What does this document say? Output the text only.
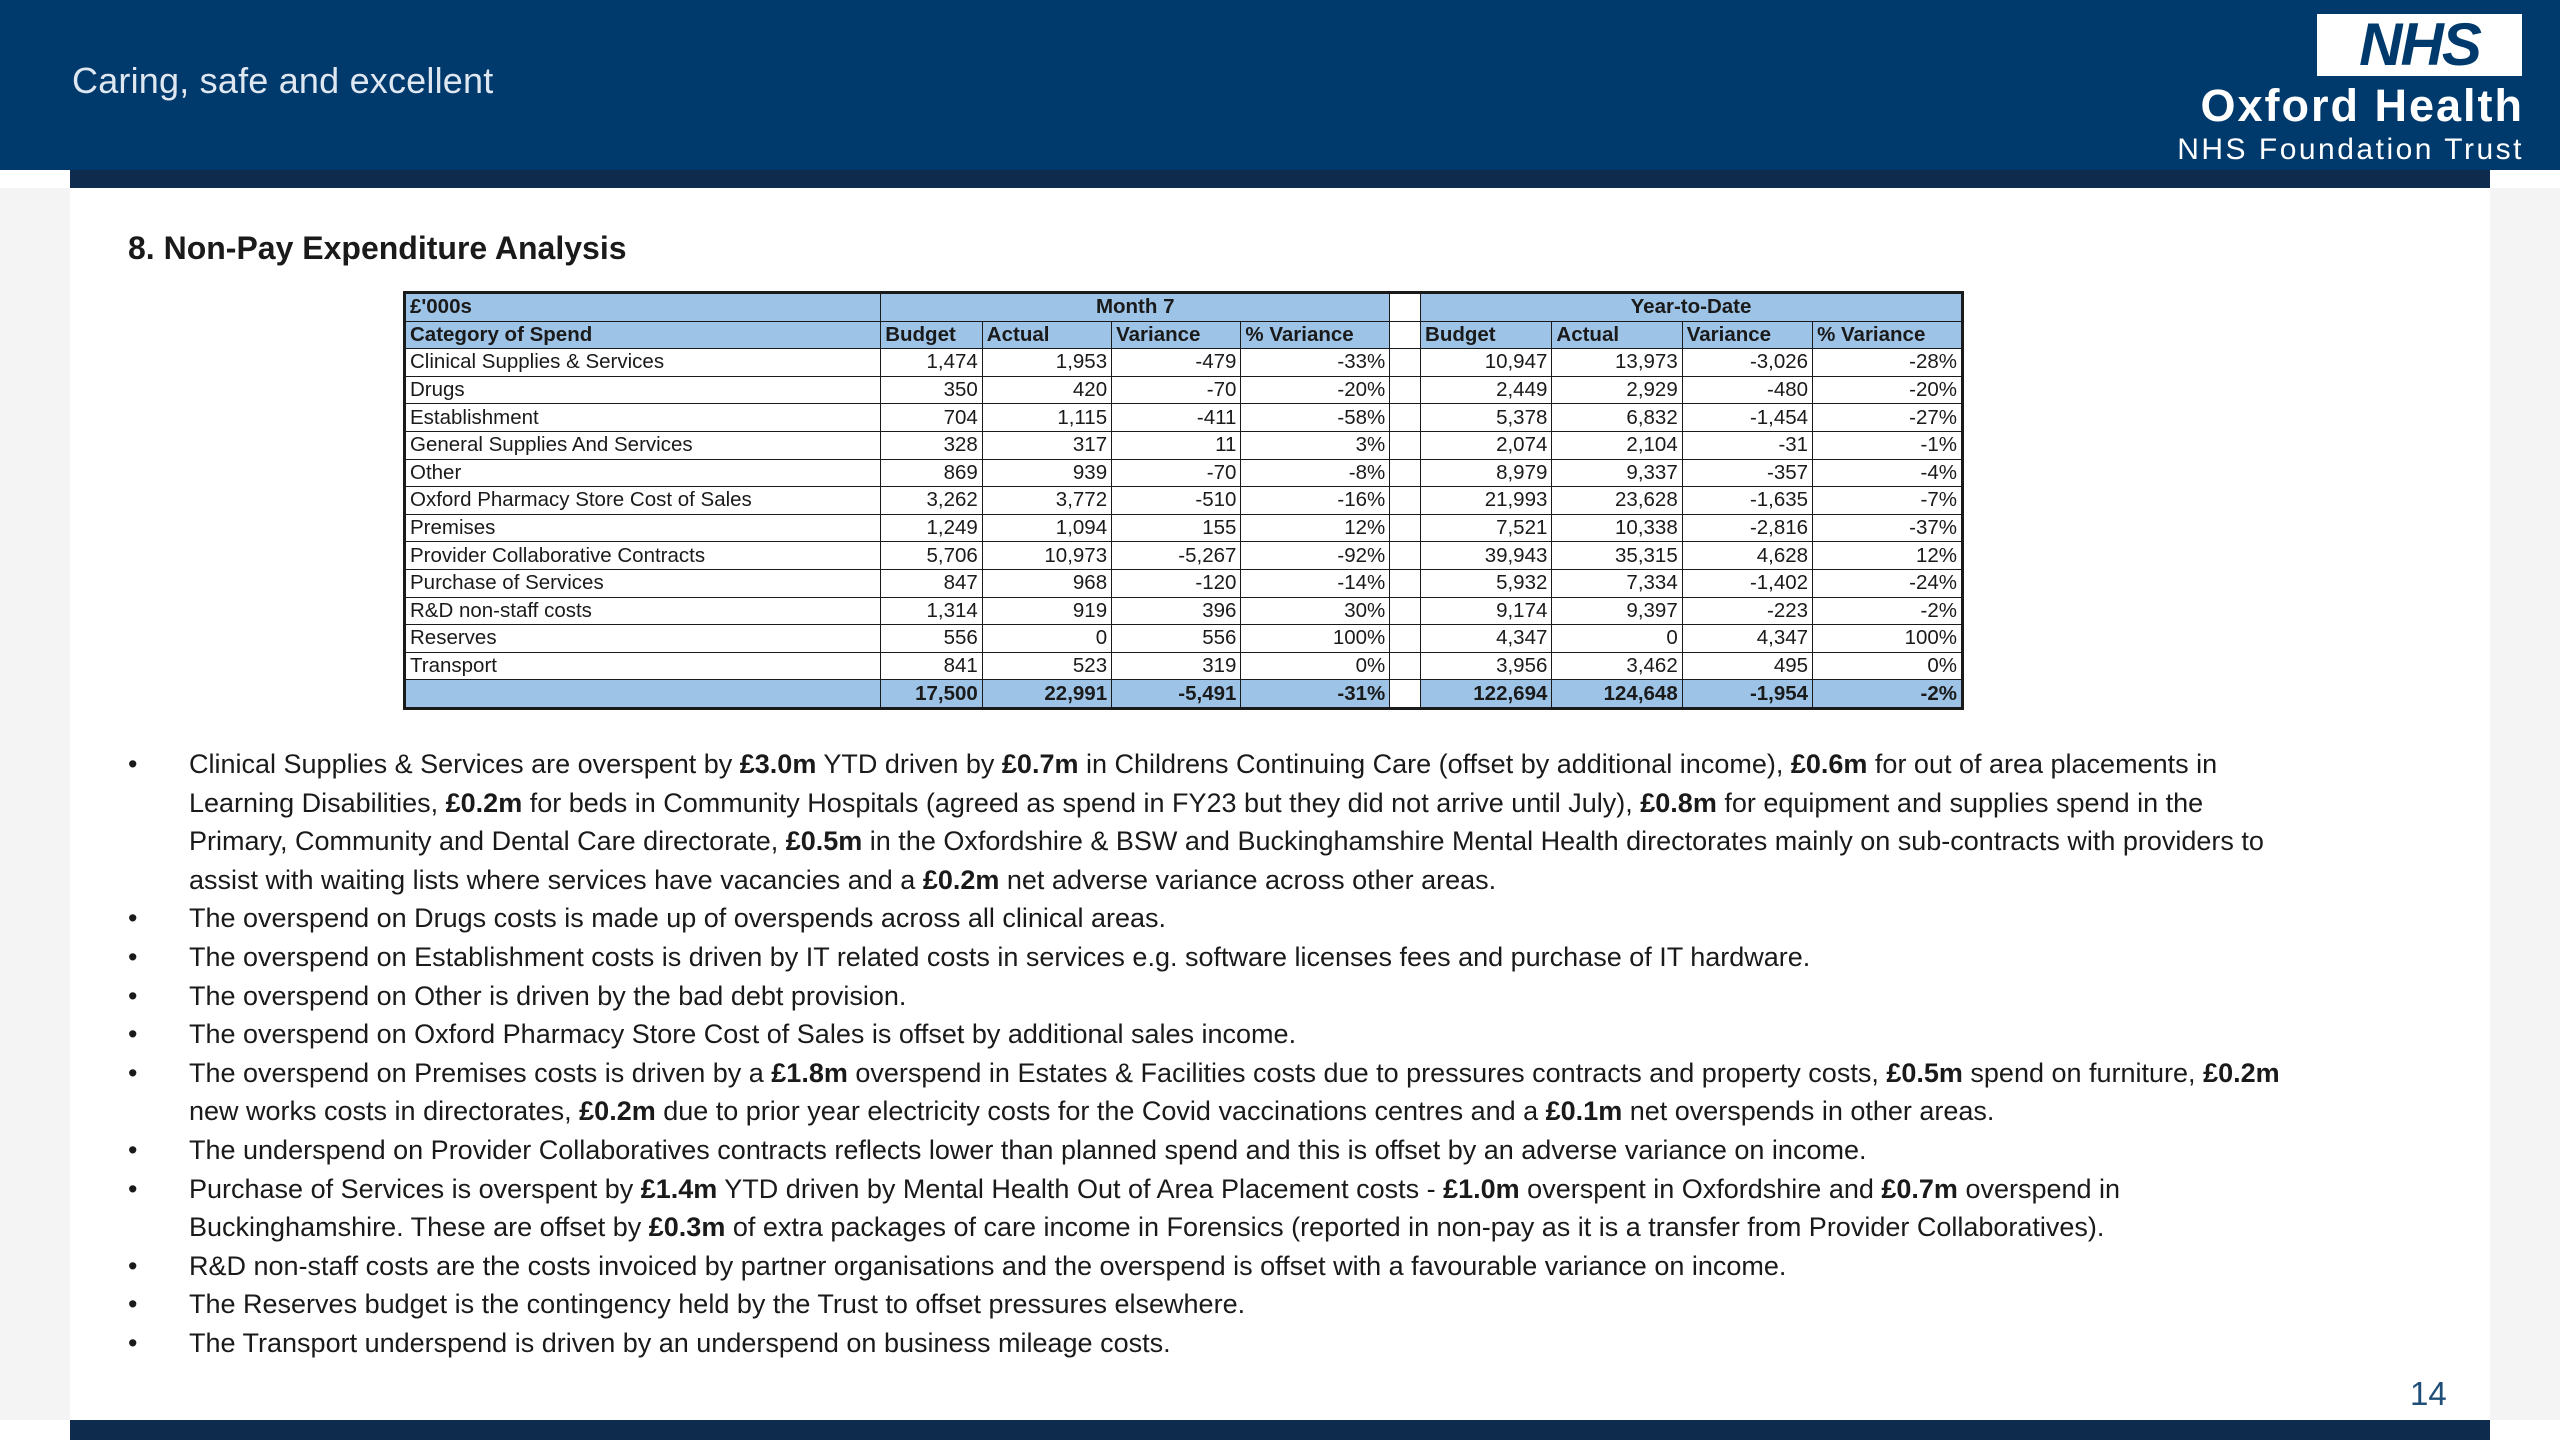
Caring, safe and excellent
NHS
Oxford Health
NHS Foundation Trust
8. Non-Pay Expenditure Analysis
£'000s	Month 7					Year-to-Date			
Category of Spend	Budget	Actual	Variance	% Variance		Budget	Actual	Variance	% Variance
Clinical Supplies & Services	1,474	1,953	-479	-33%		10,947	13,973	-3,026	-28%
Drugs	350	420	-70	-20%		2,449	2,929	-480	-20%
Establishment	704	1,115	-411	-58%		5,378	6,832	-1,454	-27%
General Supplies And Services	328	317	11	3%		2,074	2,104	-31	-1%
Other	869	939	-70	-8%		8,979	9,337	-357	-4%
Oxford Pharmacy Store Cost of Sales	3,262	3,772	-510	-16%		21,993	23,628	-1,635	-7%
Premises	1,249	1,094	155	12%		7,521	10,338	-2,816	-37%
Provider Collaborative Contracts	5,706	10,973	-5,267	-92%		39,943	35,315	4,628	12%
Purchase of Services	847	968	-120	-14%		5,932	7,334	-1,402	-24%
R&D non-staff costs	1,314	919	396	30%		9,174	9,397	-223	-2%
Reserves	556	0	556	100%		4,347	0	4,347	100%
Transport	841	523	319	0%		3,956	3,462	495	0%
	17,500	22,991	-5,491	-31%		122,694	124,648	-1,954	-2%
• Clinical Supplies & Services are overspent by £3.0m YTD driven by £0.7m in Childrens Continuing Care (offset by additional income), £0.6m for out of area placements in Learning Disabilities, £0.2m for beds in Community Hospitals (agreed as spend in FY23 but they did not arrive until July), £0.8m for equipment and supplies spend in the Primary, Community and Dental Care directorate, £0.5m in the Oxfordshire & BSW and Buckinghamshire Mental Health directorates mainly on sub-contracts with providers to assist with waiting lists where services have vacancies and a £0.2m net adverse variance across other areas.
• The overspend on Drugs costs is made up of overspends across all clinical areas.
• The overspend on Establishment costs is driven by IT related costs in services e.g. software licenses fees and purchase of IT hardware.
• The overspend on Other is driven by the bad debt provision.
• The overspend on Oxford Pharmacy Store Cost of Sales is offset by additional sales income.
• The overspend on Premises costs is driven by a £1.8m overspend in Estates & Facilities costs due to pressures contracts and property costs, £0.5m spend on furniture, £0.2m new works costs in directorates, £0.2m due to prior year electricity costs for the Covid vaccinations centres and a £0.1m net overspends in other areas.
• The underspend on Provider Collaboratives contracts reflects lower than planned spend and this is offset by an adverse variance on income.
• Purchase of Services is overspent by £1.4m YTD driven by Mental Health Out of Area Placement costs - £1.0m overspent in Oxfordshire and £0.7m overspend in Buckinghamshire. These are offset by £0.3m of extra packages of care income in Forensics (reported in non-pay as it is a transfer from Provider Collaboratives).
• R&D non-staff costs are the costs invoiced by partner organisations and the overspend is offset with a favourable variance on income.
• The Reserves budget is the contingency held by the Trust to offset pressures elsewhere.
• The Transport underspend is driven by an underspend on business mileage costs.
14
